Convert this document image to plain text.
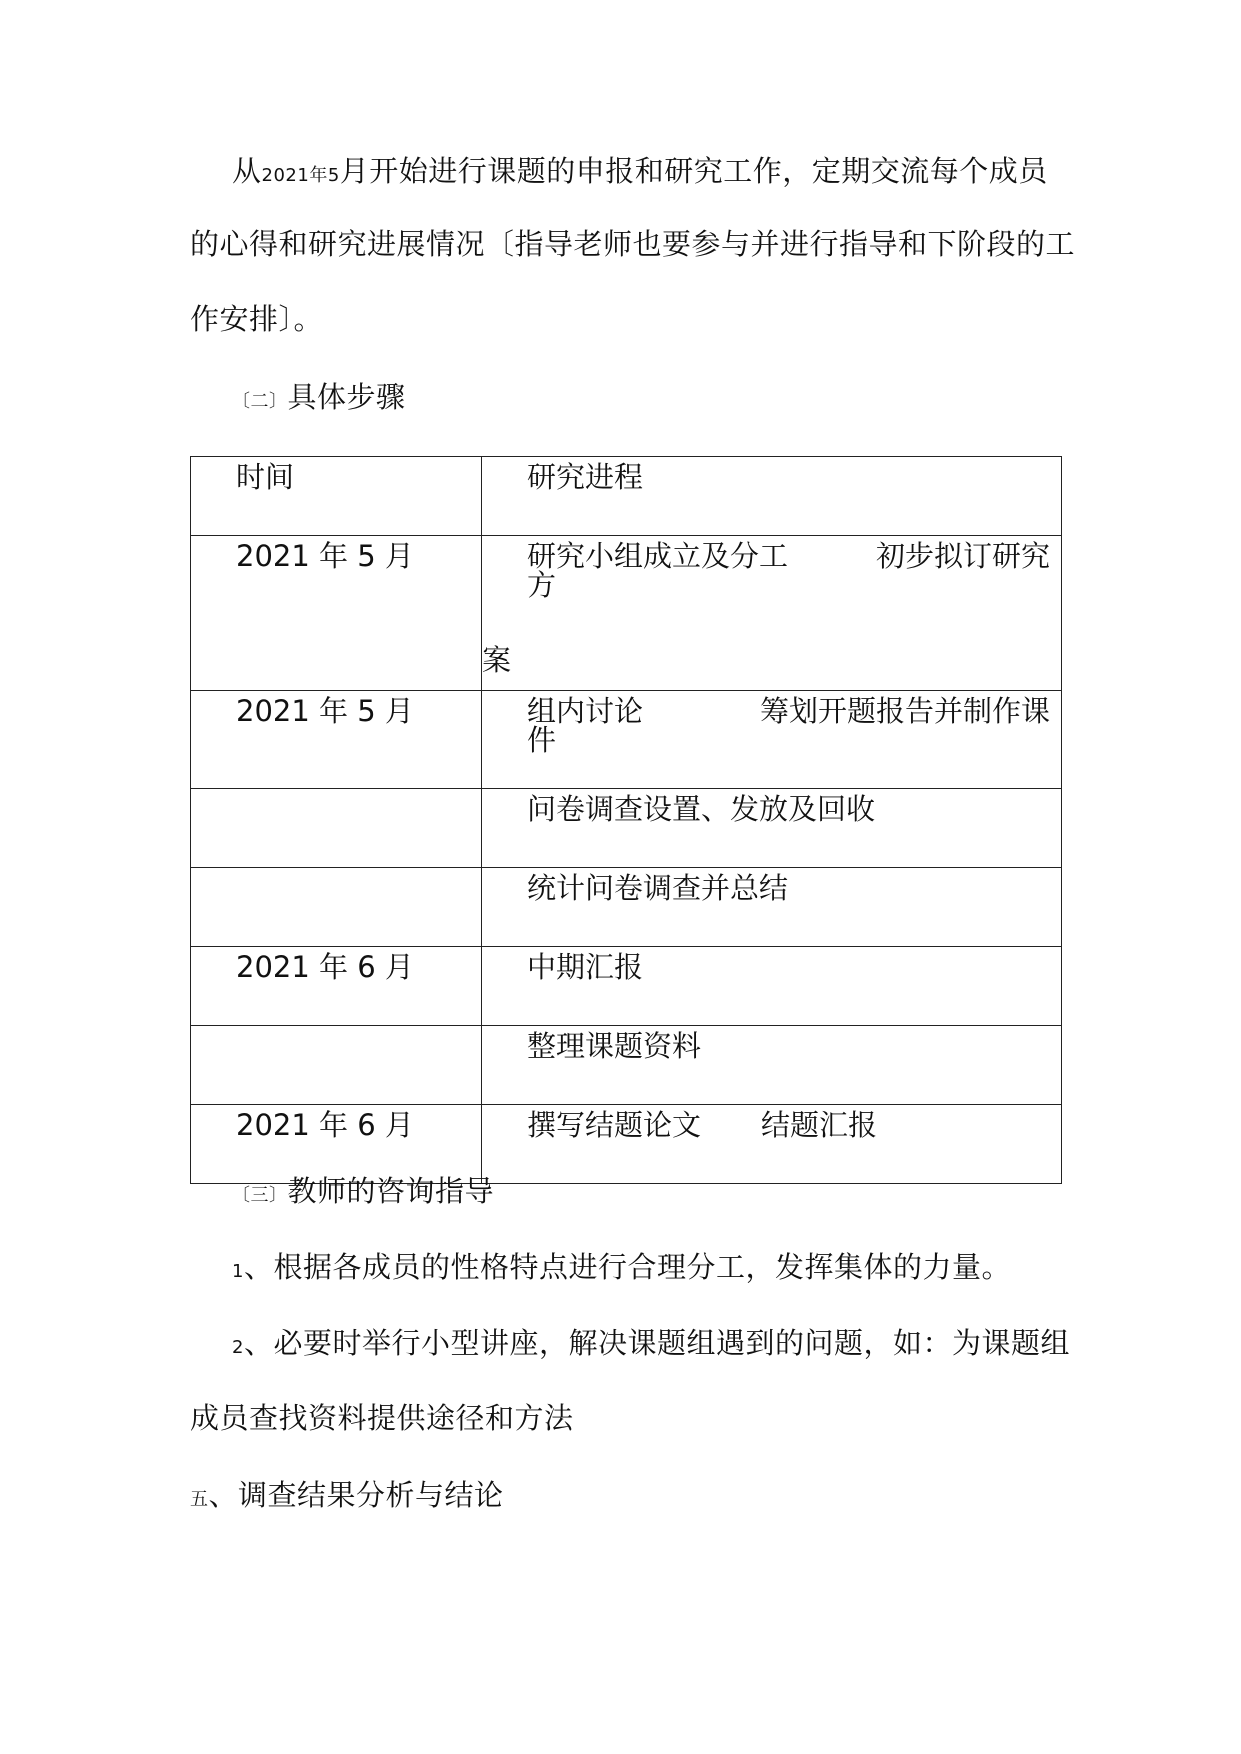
从2021年5月开始进行课题的申报和研究工作，定期交流每个成员
的心得和研究进展情况〔指导老师也要参与并进行指导和下阶段的工
作安排〕。
〔二〕具体步骤
时间	研究进程
2021 年 5 月	研究小组成立及分工 初步拟订研究方
案

2021 年 5 月	组内讨论 筹划开题报告并制作课件
	问卷调查设置、发放及回收
	统计问卷调查并总结
2021 年 6 月	中期汇报
	整理课题资料
2021 年 6 月	撰写结题论文 结题汇报
〔三〕教师的咨询指导
1、根据各成员的性格特点进行合理分工，发挥集体的力量。
2、必要时举行小型讲座，解决课题组遇到的问题，如：为课题组
成员查找资料提供途径和方法
五、调查结果分析与结论
